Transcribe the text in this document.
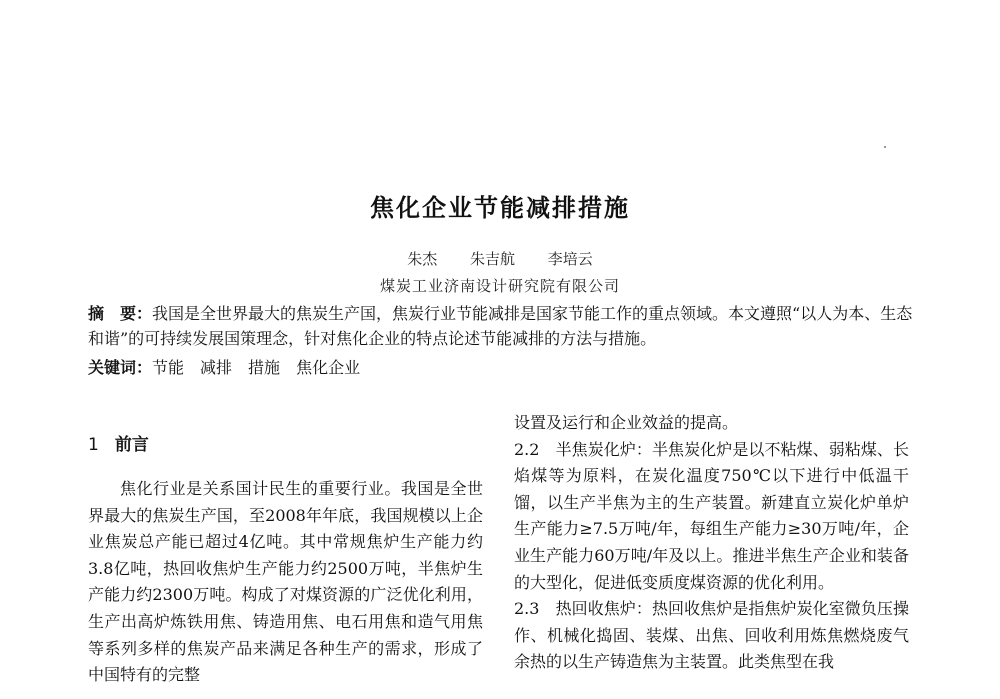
焦化企业节能减排措施
朱杰 朱吉航 李培云
煤炭工业济南设计研究院有限公司
摘　要：我国是全世界最大的焦炭生产国，焦炭行业节能减排是国家节能工作的重点领域。本文遵照“以人为本、生态和谐”的可持续发展国策理念，针对焦化企业的特点论述节能减排的方法与措施。
关键词：节能 减排 措施 焦化企业
1 前言
焦化行业是关系国计民生的重要行业。我国是全世界最大的焦炭生产国，至2008年年底，我国规模以上企业焦炭总产能已超过4亿吨。其中常规焦炉生产能力约3.8亿吨，热回收焦炉生产能力约2500万吨，半焦炉生产能力约2300万吨。构成了对煤资源的广泛优化利用，生产出高炉炼铁用焦、铸造用焦、电石用焦和造气用焦等系列多样的焦炭产品来满足各种生产的需求，形成了中国特有的完整
设置及运行和企业效益的提高。
2.2　半焦炭化炉：半焦炭化炉是以不粘煤、弱粘煤、长焰煤等为原料，在炭化温度750℃以下进行中低温干馏，以生产半焦为主的生产装置。新建直立炭化炉单炉生产能力≥7.5万吨/年，每组生产能力≥30万吨/年，企业生产能力60万吨/年及以上。推进半焦生产企业和装备的大型化，促进低变质度煤资源的优化利用。
2.3　热回收焦炉：热回收焦炉是指焦炉炭化室微负压操作、机械化捣固、装煤、出焦、回收利用炼焦燃烧废气余热的以生产铸造焦为主装置。此类焦型在我
